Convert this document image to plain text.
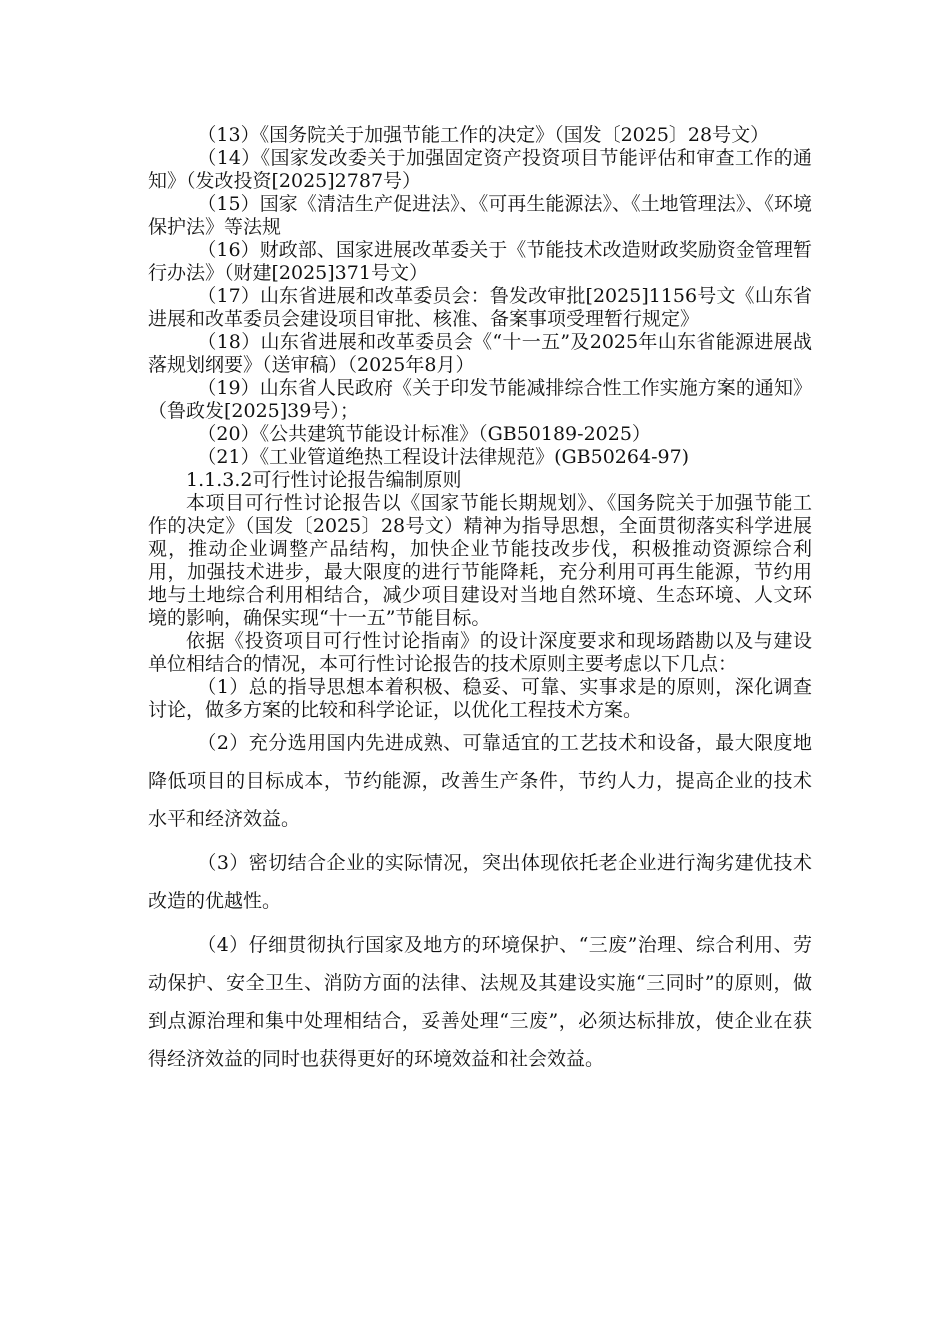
（13）《国务院关于加强节能工作的决定》（国发〔2025〕28号文）

（14）《国家发改委关于加强固定资产投资项目节能评估和审查工作的通知》（发改投资[2025]2787号）

（15）国家《清洁生产促进法》、《可再生能源法》、《土地管理法》、《环境保护法》等法规

（16）财政部、国家进展改革委关于《节能技术改造财政奖励资金管理暂行办法》（财建[2025]371号文）

（17）山东省进展和改革委员会：鲁发改审批[2025]1156号文《山东省进展和改革委员会建设项目审批、核准、备案事项受理暂行规定》

（18）山东省进展和改革委员会《“十一五”及2025年山东省能源进展战落规划纲要》（送审稿）（2025年8月）

（19）山东省人民政府《关于印发节能减排综合性工作实施方案的通知》（鲁政发[2025]39号）；

（20）《公共建筑节能设计标准》（GB50189-2025）

（21）《工业管道绝热工程设计法律规范》(GB50264-97)

1.1.3.2可行性讨论报告编制原则

本项目可行性讨论报告以《国家节能长期规划》、《国务院关于加强节能工作的决定》（国发〔2025〕28号文）精神为指导思想，全面贯彻落实科学进展观，推动企业调整产品结构，加快企业节能技改步伐，积极推动资源综合利用，加强技术进步，最大限度的进行节能降耗，充分利用可再生能源，节约用地与土地综合利用相结合，减少项目建设对当地自然环境、生态环境、人文环境的影响，确保实现“十一五”节能目标。

依据《投资项目可行性讨论指南》的设计深度要求和现场踏勘以及与建设单位相结合的情况，本可行性讨论报告的技术原则主要考虑以下几点：

（1）总的指导思想本着积极、稳妥、可靠、实事求是的原则，深化调查讨论，做多方案的比较和科学论证，以优化工程技术方案。

（2）充分选用国内先进成熟、可靠适宜的工艺技术和设备，最大限度地降低项目的目标成本，节约能源，改善生产条件，节约人力，提高企业的技术水平和经济效益。

（3）密切结合企业的实际情况，突出体现依托老企业进行淘劣建优技术改造的优越性。

（4）仔细贯彻执行国家及地方的环境保护、“三废”治理、综合利用、劳动保护、安全卫生、消防方面的法律、法规及其建设实施“三同时”的原则，做到点源治理和集中处理相结合，妥善处理“三废”，必须达标排放，使企业在获得经济效益的同时也获得更好的环境效益和社会效益。
